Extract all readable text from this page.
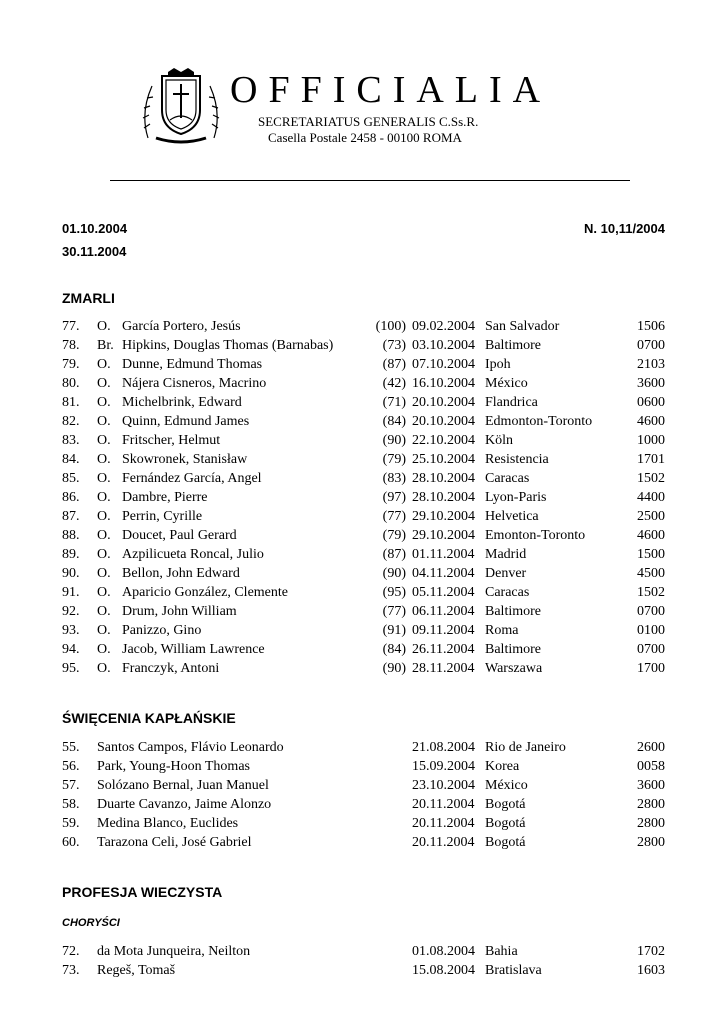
OFFICIALIA
SECRETARIATUS GENERALIS C.Ss.R.
Casella Postale 2458 - 00100 ROMA
01.10.2004
30.11.2004
N. 10,11/2004
ZMARLI
77. O. García Portero, Jesús	(100) 09.02.2004 San Salvador	1506
78. Br. Hipkins, Douglas Thomas (Barnabas)	(73) 03.10.2004 Baltimore	0700
79. O. Dunne, Edmund Thomas	(87) 07.10.2004 Ipoh	2103
80. O. Nájera Cisneros, Macrino	(42) 16.10.2004 México	3600
81. O. Michelbrink, Edward	(71) 20.10.2004 Flandrica	0600
82. O. Quinn, Edmund James	(84) 20.10.2004 Edmonton-Toronto	4600
83. O. Fritscher, Helmut	(90) 22.10.2004 Köln	1000
84. O. Skowronek, Stanisław	(79) 25.10.2004 Resistencia	1701
85. O. Fernández García, Angel	(83) 28.10.2004 Caracas	1502
86. O. Dambre, Pierre	(97) 28.10.2004 Lyon-Paris	4400
87. O. Perrin, Cyrille	(77) 29.10.2004 Helvetica	2500
88. O. Doucet, Paul Gerard	(79) 29.10.2004 Emonton-Toronto	4600
89. O. Azpilicueta Roncal, Julio	(87) 01.11.2004 Madrid	1500
90. O. Bellon, John Edward	(90) 04.11.2004 Denver	4500
91. O. Aparicio González, Clemente	(95) 05.11.2004 Caracas	1502
92. O. Drum, John William	(77) 06.11.2004 Baltimore	0700
93. O. Panizzo, Gino	(91) 09.11.2004 Roma	0100
94. O. Jacob, William Lawrence	(84) 26.11.2004 Baltimore	0700
95. O. Franczyk, Antoni	(90) 28.11.2004 Warszawa	1700
ŚWIĘCENIA KAPŁAŃSKIE
55. Santos Campos, Flávio Leonardo	21.08.2004 Rio de Janeiro	2600
56. Park, Young-Hoon Thomas	15.09.2004 Korea	0058
57. Solózano Bernal, Juan Manuel	23.10.2004 México	3600
58. Duarte Cavanzo, Jaime Alonzo	20.11.2004 Bogotá	2800
59. Medina Blanco, Euclides	20.11.2004 Bogotá	2800
60. Tarazona Celi, José Gabriel	20.11.2004 Bogotá	2800
PROFESJA WIECZYSTA
CHORYŚCI
72. da Mota Junqueira, Neilton	01.08.2004 Bahia	1702
73. Regeš, Tomaš	15.08.2004 Bratislava	1603
